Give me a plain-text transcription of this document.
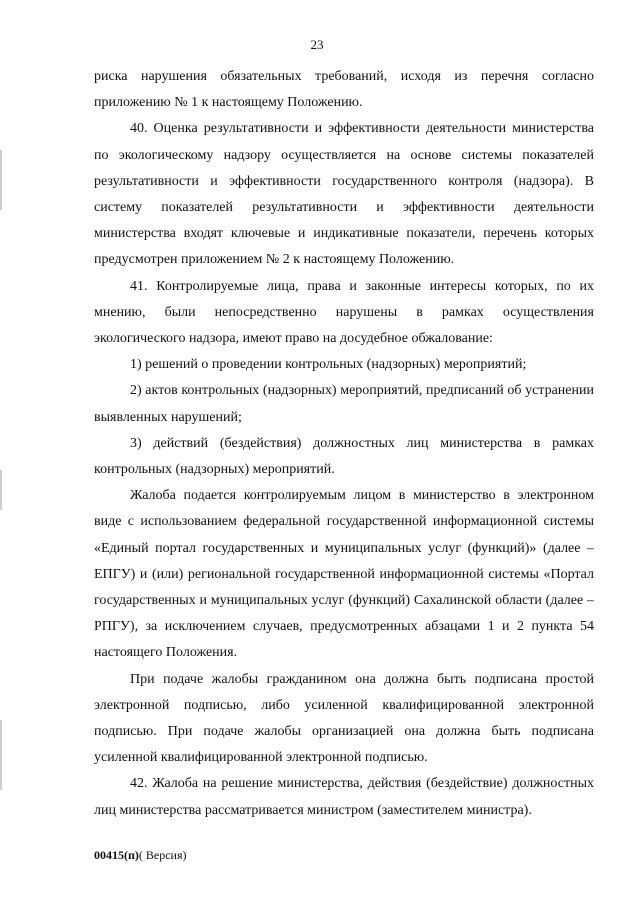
23

риска нарушения обязательных требований, исходя из перечня согласно приложению № 1 к настоящему Положению.

40. Оценка результативности и эффективности деятельности министерства по экологическому надзору осуществляется на основе системы показателей результативности и эффективности государственного контроля (надзора). В систему показателей результативности и эффективности деятельности министерства входят ключевые и индикативные показатели, перечень которых предусмотрен приложением № 2 к настоящему Положению.

41. Контролируемые лица, права и законные интересы которых, по их мнению, были непосредственно нарушены в рамках осуществления экологического надзора, имеют право на досудебное обжалование:

1) решений о проведении контрольных (надзорных) мероприятий;

2) актов контрольных (надзорных) мероприятий, предписаний об устранении выявленных нарушений;

3) действий (бездействия) должностных лиц министерства в рамках контрольных (надзорных) мероприятий.

Жалоба подается контролируемым лицом в министерство в электронном виде с использованием федеральной государственной информационной системы «Единый портал государственных и муниципальных услуг (функций)» (далее – ЕПГУ) и (или) региональной государственной информационной системы «Портал государственных и муниципальных услуг (функций) Сахалинской области (далее – РПГУ), за исключением случаев, предусмотренных абзацами 1 и 2 пункта 54 настоящего Положения.

При подаче жалобы гражданином она должна быть подписана простой электронной подписью, либо усиленной квалифицированной электронной подписью. При подаче жалобы организацией она должна быть подписана усиленной квалифицированной электронной подписью.

42. Жалоба на решение министерства, действия (бездействие) должностных лиц министерства рассматривается министром (заместителем министра).

00415(п)( Версия)
